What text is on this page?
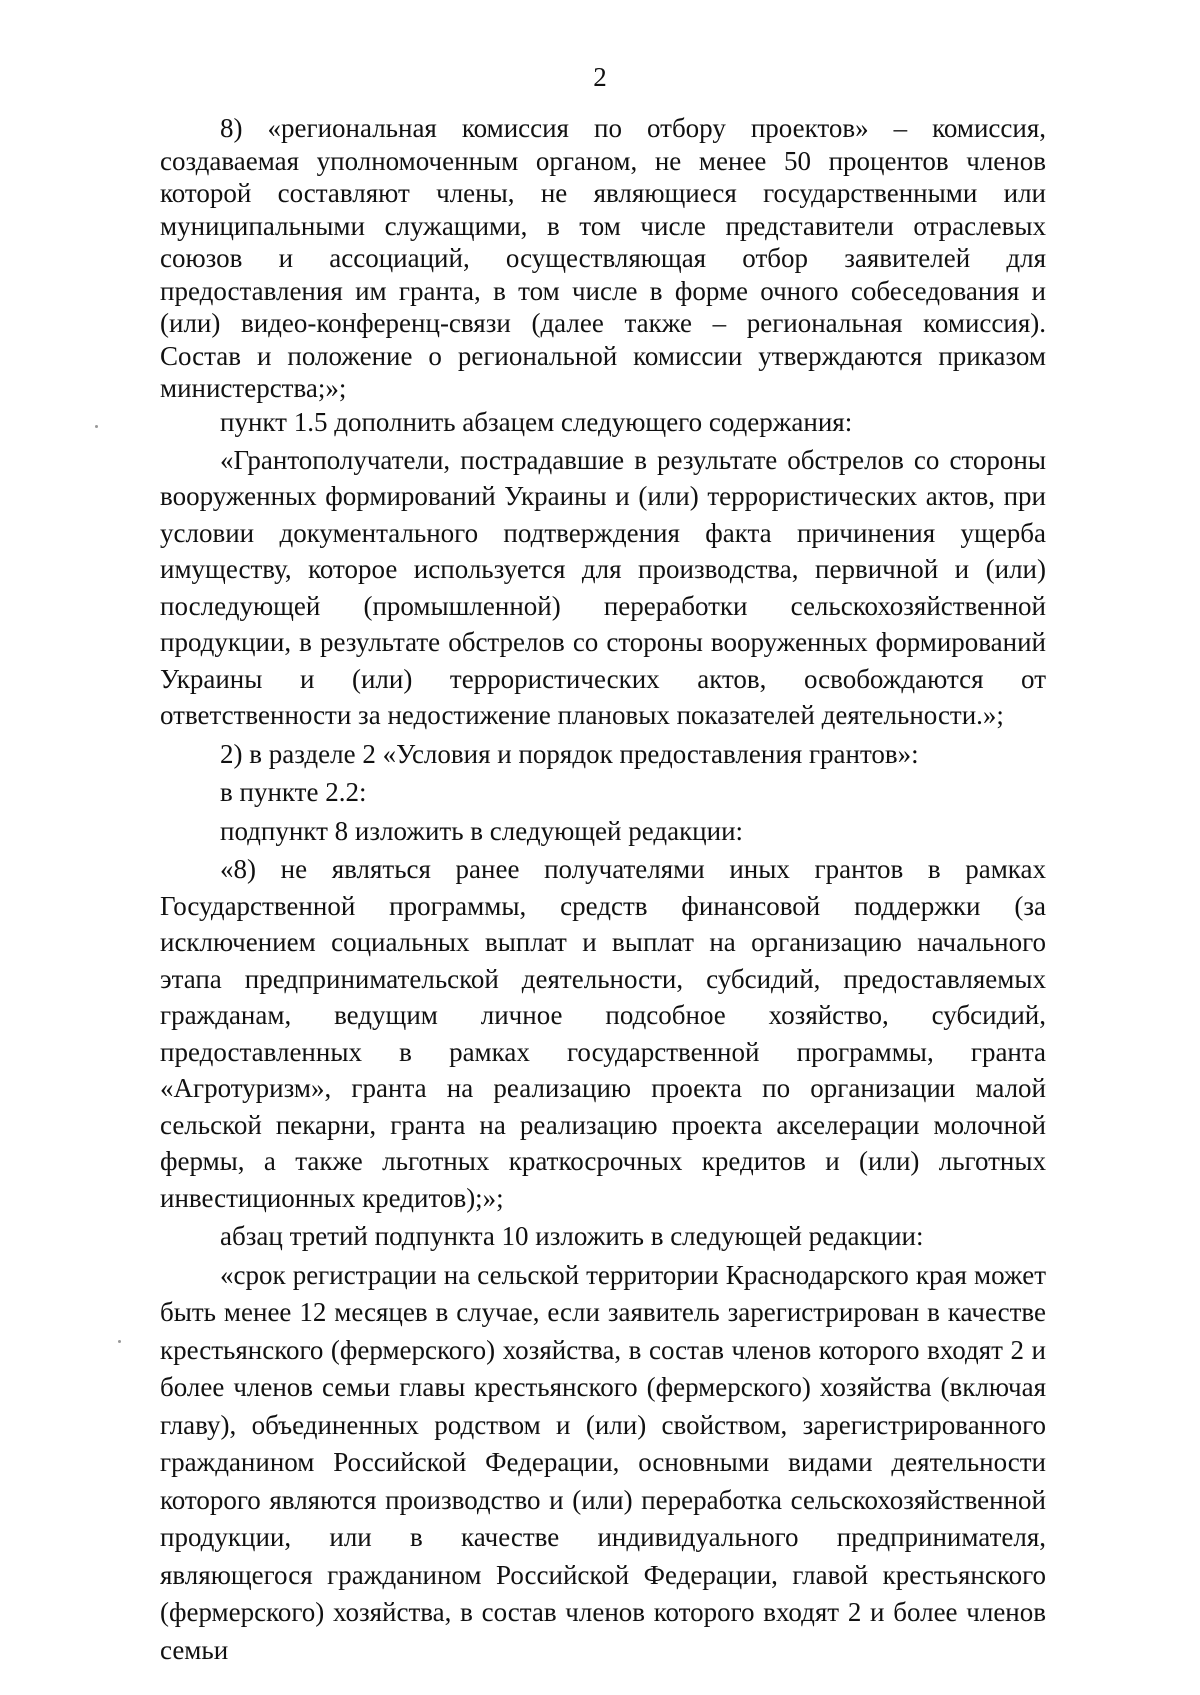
2

8) «региональная комиссия по отбору проектов» – комиссия, создаваемая уполномоченным органом, не менее 50 процентов членов которой составляют члены, не являющиеся государственными или муниципальными служащими, в том числе представители отраслевых союзов и ассоциаций, осуществляющая отбор заявителей для предоставления им гранта, в том числе в форме очного собеседования и (или) видео-конференц-связи (далее также – региональная комиссия). Состав и положение о региональной комиссии утверждаются приказом министерства;»;

пункт 1.5 дополнить абзацем следующего содержания:

«Грантополучатели, пострадавшие в результате обстрелов со стороны вооруженных формирований Украины и (или) террористических актов, при условии документального подтверждения факта причинения ущерба имуществу, которое используется для производства, первичной и (или) последующей (промышленной) переработки сельскохозяйственной продукции, в результате обстрелов со стороны вооруженных формирований Украины и (или) террористических актов, освобождаются от ответственности за недостижение плановых показателей деятельности.»;

2) в разделе 2 «Условия и порядок предоставления грантов»:

в пункте 2.2:

подпункт 8 изложить в следующей редакции:

«8) не являться ранее получателями иных грантов в рамках Государственной программы, средств финансовой поддержки (за исключением социальных выплат и выплат на организацию начального этапа предпринимательской деятельности, субсидий, предоставляемых гражданам, ведущим личное подсобное хозяйство, субсидий, предоставленных в рамках государственной программы, гранта «Агротуризм», гранта на реализацию проекта по организации малой сельской пекарни, гранта на реализацию проекта акселерации молочной фермы, а также льготных краткосрочных кредитов и (или) льготных инвестиционных кредитов);»;

абзац третий подпункта 10 изложить в следующей редакции:

«срок регистрации на сельской территории Краснодарского края может быть менее 12 месяцев в случае, если заявитель зарегистрирован в качестве крестьянского (фермерского) хозяйства, в состав членов которого входят 2 и более членов семьи главы крестьянского (фермерского) хозяйства (включая главу), объединенных родством и (или) свойством, зарегистрированного гражданином Российской Федерации, основными видами деятельности которого являются производство и (или) переработка сельскохозяйственной продукции, или в качестве индивидуального предпринимателя, являющегося гражданином Российской Федерации, главой крестьянского (фермерского) хозяйства, в состав членов которого входят 2 и более членов семьи
